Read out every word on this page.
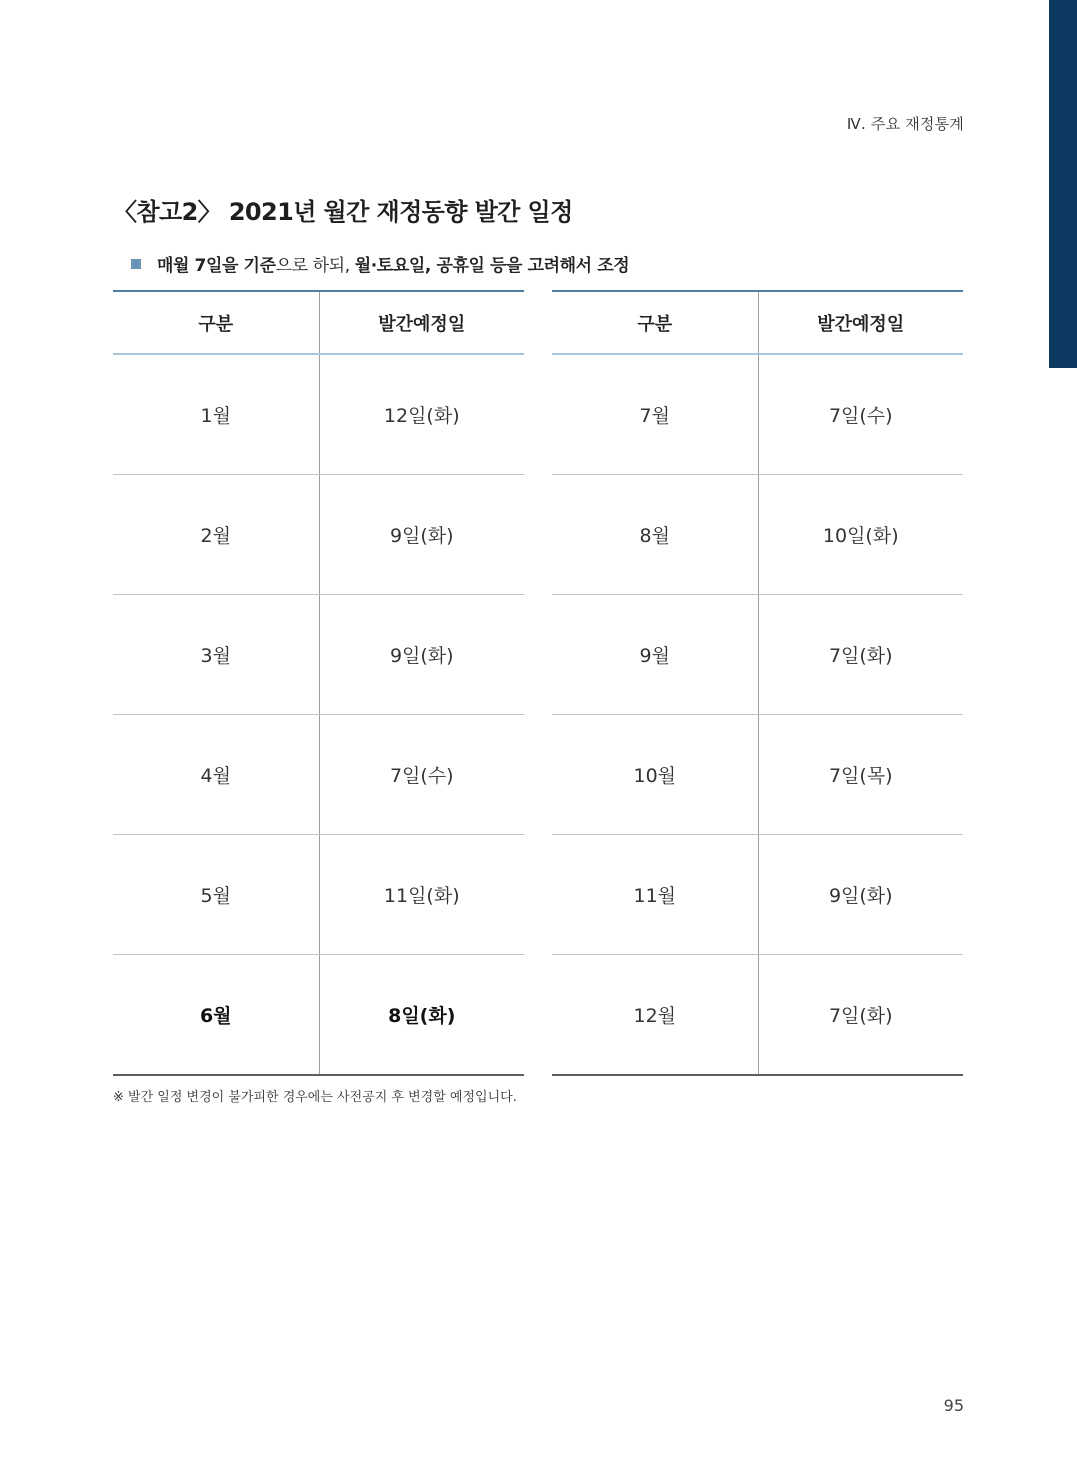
Ⅳ. 주요 재정통계
〈참고2〉 2021년 월간 재정동향 발간 일정
매월 7일을 기준으로 하되, 월·토요일, 공휴일 등을 고려해서 조정
구분	발간예정일
1월	12일(화)
2월	9일(화)
3월	9일(화)
4월	7일(수)
5월	11일(화)
6월	8일(화)
구분	발간예정일
7월	7일(수)
8월	10일(화)
9월	7일(화)
10월	7일(목)
11월	9일(화)
12월	7일(화)
※ 발간 일정 변경이 불가피한 경우에는 사전공지 후 변경할 예정입니다.
95
